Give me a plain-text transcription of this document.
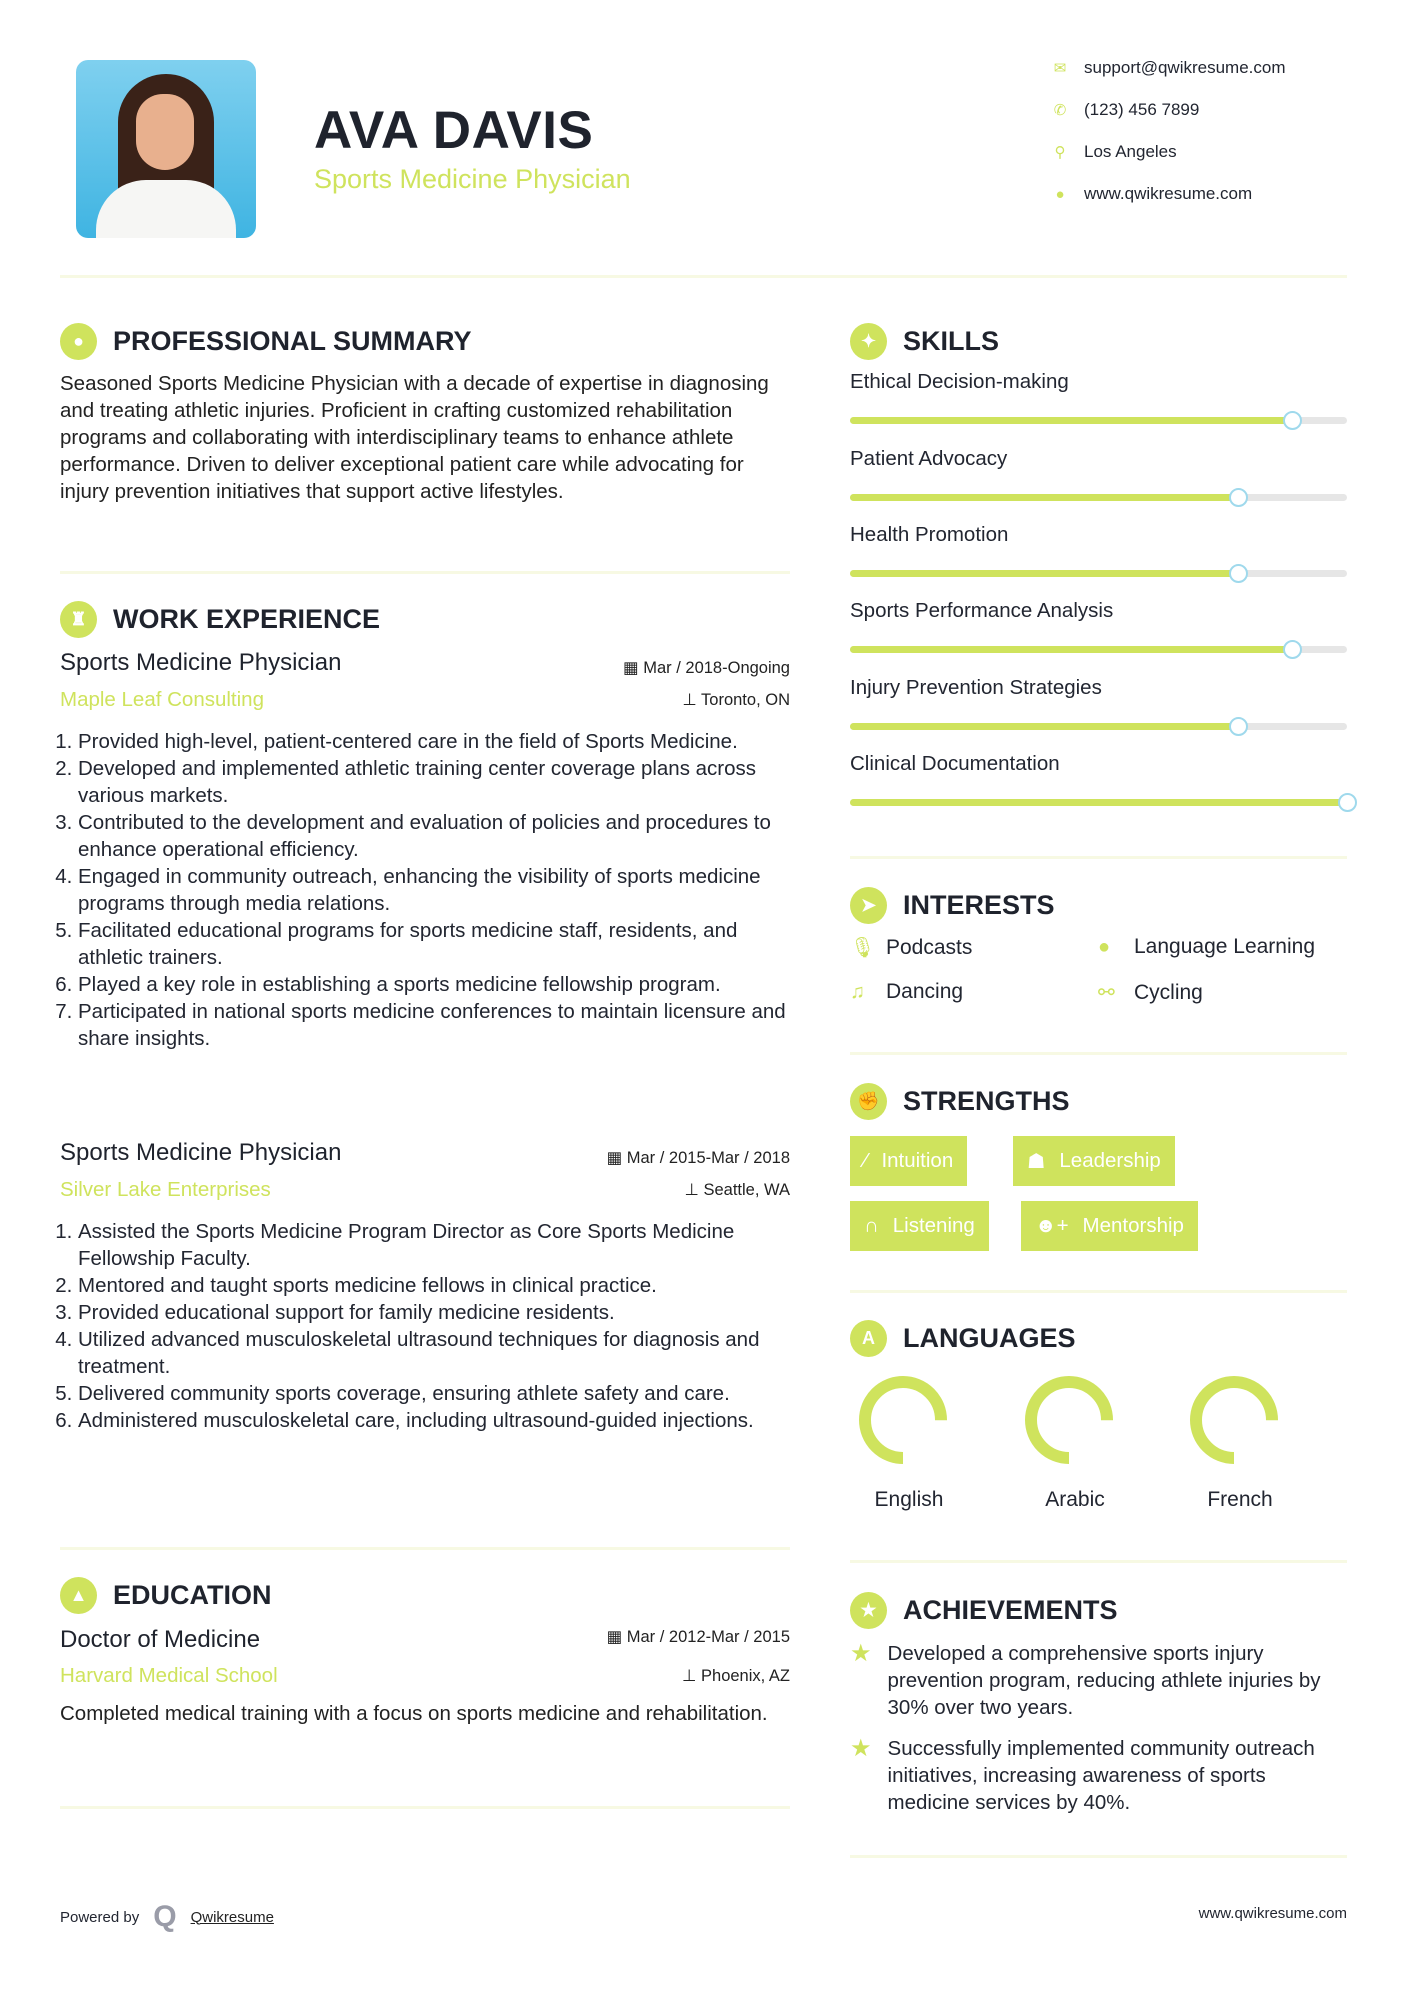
AVA DAVIS
Sports Medicine Physician
✉ support@qwikresume.com
✆ (123) 456 7899
⚲ Los Angeles
● www.qwikresume.com
●	PROFESSIONAL SUMMARY
Seasoned Sports Medicine Physician with a decade of expertise in diagnosing and treating athletic injuries. Proficient in crafting customized rehabilitation programs and collaborating with interdisciplinary teams to enhance athlete performance. Driven to deliver exceptional patient care while advocating for injury prevention initiatives that support active lifestyles.
♜ WORK EXPERIENCE
Sports Medicine Physician	▦ Mar / 2018-Ongoing
Maple Leaf Consulting	⊥ Toronto, ON
1. Provided high-level, patient-centered care in the field of Sports Medicine.
2. Developed and implemented athletic training center coverage plans across various markets.
3. Contributed to the development and evaluation of policies and procedures to enhance operational efficiency.
4. Engaged in community outreach, enhancing the visibility of sports medicine programs through media relations.
5. Facilitated educational programs for sports medicine staff, residents, and athletic trainers.
6. Played a key role in establishing a sports medicine fellowship program.
7. Participated in national sports medicine conferences to maintain licensure and share insights.
Sports Medicine Physician	▦ Mar / 2015-Mar / 2018
Silver Lake Enterprises	⊥ Seattle, WA
1. Assisted the Sports Medicine Program Director as Core Sports Medicine Fellowship Faculty.
2. Mentored and taught sports medicine fellows in clinical practice.
3. Provided educational support for family medicine residents.
4. Utilized advanced musculoskeletal ultrasound techniques for diagnosis and treatment.
5. Delivered community sports coverage, ensuring athlete safety and care.
6. Administered musculoskeletal care, including ultrasound-guided injections.
▲ EDUCATION
Doctor of Medicine	▦ Mar / 2012-Mar / 2015
Harvard Medical School	⊥ Phoenix, AZ
Completed medical training with a focus on sports medicine and rehabilitation.
✦ SKILLS
Ethical Decision-making
Patient Advocacy
Health Promotion
Sports Performance Analysis
Injury Prevention Strategies
Clinical Documentation
➤ INTERESTS
🎙 Podcasts	●	Language Learning
♫	Dancing	⚯ Cycling
✊ STRENGTHS
⁄ Intuition	☗ Leadership
∩ Listening	☻+ Mentorship
A	LANGUAGES
English	Arabic	French
★ ACHIEVEMENTS
★ Developed a comprehensive sports injury prevention program, reducing athlete injuries by 30% over two years.
★ Successfully implemented community outreach initiatives, increasing awareness of sports medicine services by 40%.
Powered by Q Qwikresume	www.qwikresume.com
